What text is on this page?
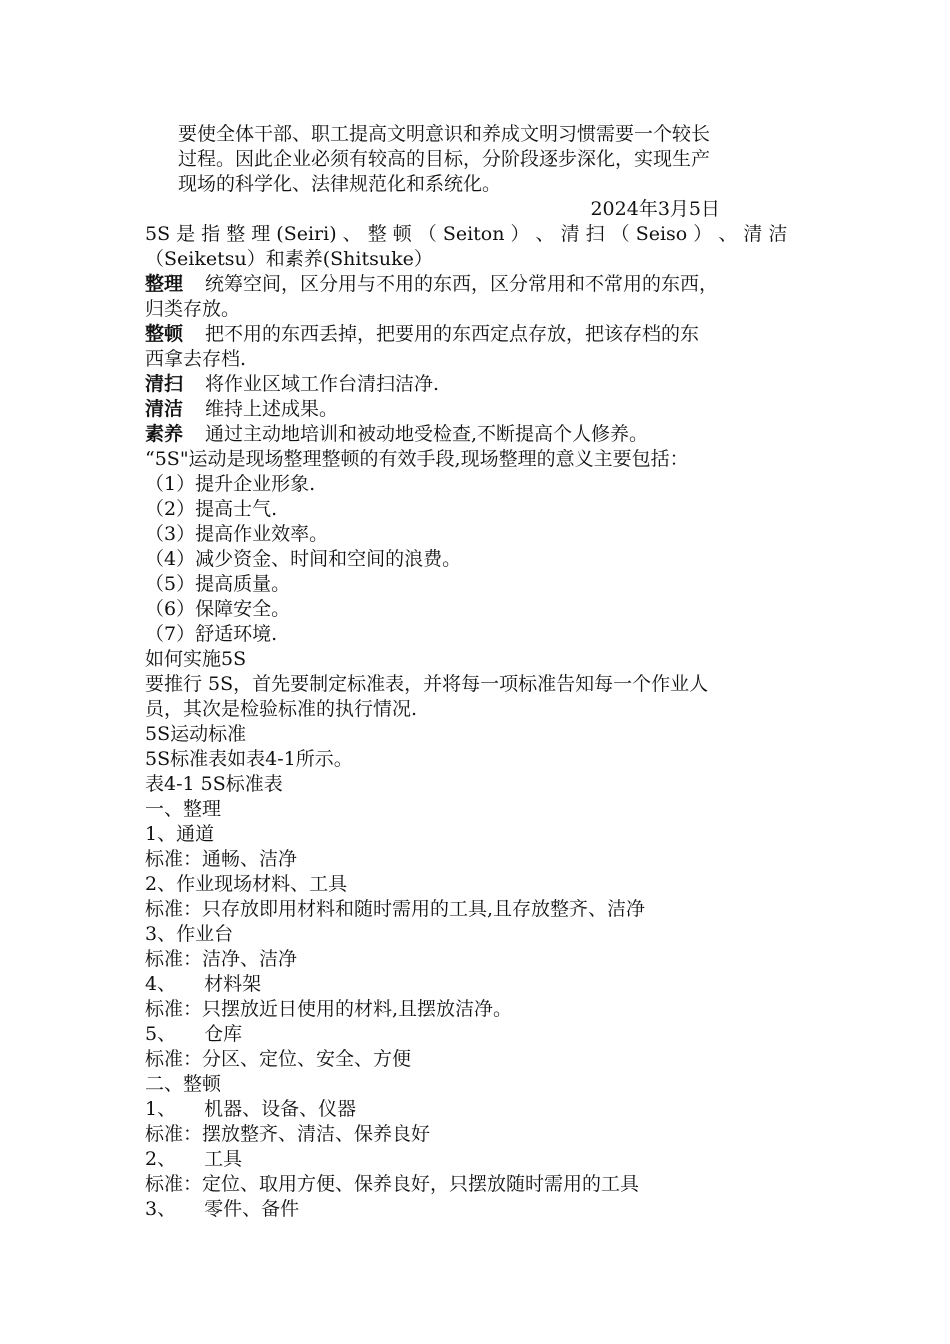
要使全体干部、职工提高文明意识和养成文明习惯需要一个较长
过程。因此企业必须有较高的目标，分阶段逐步深化，实现生产
现场的科学化、法律规范化和系统化。
2024年3月5日
5S 是 指 整 理 (Seiri) 、 整 顿 （ Seiton ） 、 清 扫 （ Seiso ） 、 清 洁
（Seiketsu）和素养(Shitsuke）
整理 统筹空间，区分用与不用的东西，区分常用和不常用的东西，
归类存放。
整顿 把不用的东西丢掉，把要用的东西定点存放，把该存档的东
西拿去存档.
清扫 将作业区域工作台清扫洁净.
清洁 维持上述成果。
素养 通过主动地培训和被动地受检查,不断提高个人修养。
“5S"运动是现场整理整顿的有效手段,现场整理的意义主要包括：
（1）提升企业形象.
（2）提高士气.
（3）提高作业效率。
（4）减少资金、时间和空间的浪费。
（5）提高质量。
（6）保障安全。
（7）舒适环境.
如何实施5S
要推行 5S，首先要制定标准表，并将每一项标准告知每一个作业人
员，其次是检验标准的执行情况.
5S运动标准
5S标准表如表4-1所示。
表4-1 5S标准表
一、整理
1、通道
标准：通畅、洁净
2、作业现场材料、工具
标准：只存放即用材料和随时需用的工具,且存放整齐、洁净
3、作业台
标准：洁净、洁净
4、 材料架
标准：只摆放近日使用的材料,且摆放洁净。
5、 仓库
标准：分区、定位、安全、方便
二、整顿
1、 机器、设备、仪器
标准：摆放整齐、清洁、保养良好
2、 工具
标准：定位、取用方便、保养良好，只摆放随时需用的工具
3、 零件、备件
